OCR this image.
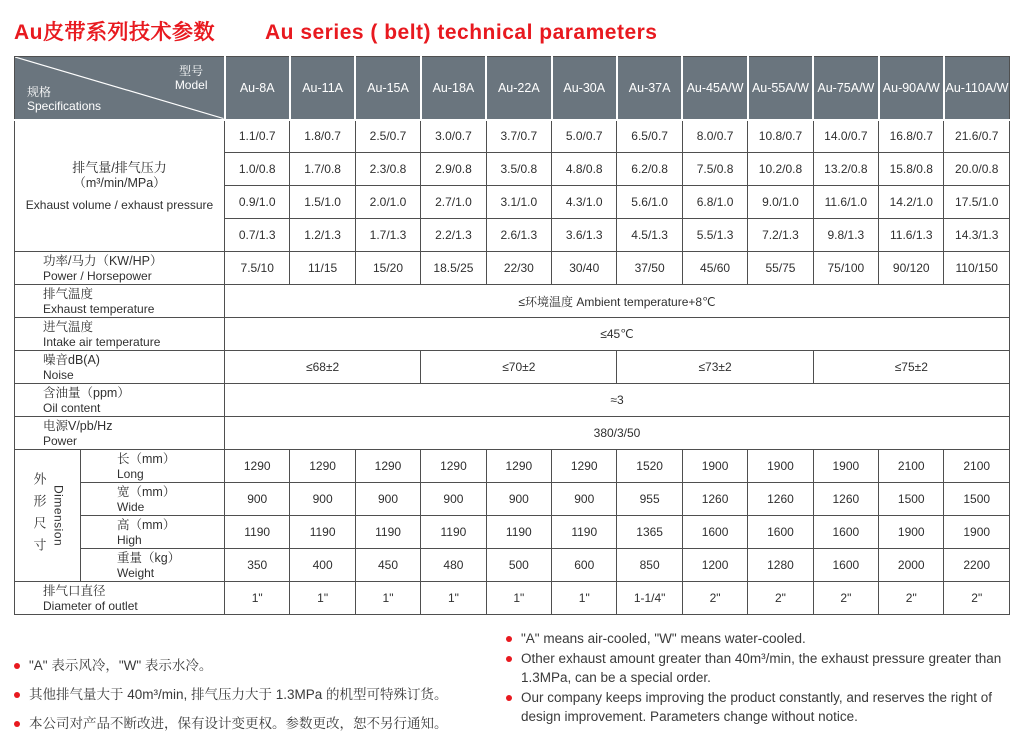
Au皮带系列技术参数 Au series ( belt) technical parameters
型号
Model
规格
Specifications		Au-8A	Au-11A	Au-15A	Au-18A	Au-22A	Au-30A	Au-37A	Au-45A/W	Au-55A/W	Au-75A/W	Au-90A/W	Au-110A/W

排气量/排气压力
（m³/min/MPa）
Exhaust volume / exhaust pressure		1.1/0.7	1.8/0.7	2.5/0.7	3.0/0.7	3.7/0.7	5.0/0.7	6.5/0.7	8.0/0.7	10.8/0.7	14.0/0.7	16.8/0.7	21.6/0.7
		1.0/0.8	1.7/0.8	2.3/0.8	2.9/0.8	3.5/0.8	4.8/0.8	6.2/0.8	7.5/0.8	10.2/0.8	13.2/0.8	15.8/0.8	20.0/0.8
		0.9/1.0	1.5/1.0	2.0/1.0	2.7/1.0	3.1/1.0	4.3/1.0	5.6/1.0	6.8/1.0	9.0/1.0	11.6/1.0	14.2/1.0	17.5/1.0
		0.7/1.3	1.2/1.3	1.7/1.3	2.2/1.3	2.6/1.3	3.6/1.3	4.5/1.3	5.5/1.3	7.2/1.3	9.8/1.3	11.6/1.3	14.3/1.3

功率/马力（KW/HP）
Power / Horsepower		7.5/10	11/15	15/20	18.5/25	22/30	30/40	37/50	45/60	55/75	75/100	90/120	110/150

排气温度
Exhaust temperature		≤环境温度 Ambient temperature+8℃											

进气温度
Intake air temperature		≤45℃											

噪音dB(A)
Noise		≤68±2			≤70±2			≤73±2			≤75±2		

含油量（ppm）
Oil content		≈3											

电源V/pb/Hz
Power		380/3/50											

外形尺寸 Dimension

长（mm）
Long
	1290	1290	1290	1290	1290	1290	1520	1900	1900	1900	2100	2100

	宽（mm）
Wide	900	900	900	900	900	900	955	1260	1260	1260	1500	1500

	高（mm）
High	1190	1190	1190	1190	1190	1190	1365	1600	1600	1600	1900	1900

	重量（kg）
Weight	350	400	450	480	500	600	850	1200	1280	1600	2000	2200

排气口直径
Diameter of outlet		1"	1"	1"	1"	1"	1"	1-1/4"	2"	2"	2"	2"	2"
"A" 表示风冷，"W" 表示水冷。
其他排气量大于 40m³/min, 排气压力大于 1.3MPa 的机型可特殊订货。
本公司对产品不断改进，保有设计变更权。参数更改，恕不另行通知。
"A" means air-cooled, "W" means water-cooled.
Other exhaust amount greater than 40m³/min, the exhaust pressure greater than 1.3MPa, can be a special order.
Our company keeps improving the product constantly, and reserves the right of design improvement. Parameters change without notice.
